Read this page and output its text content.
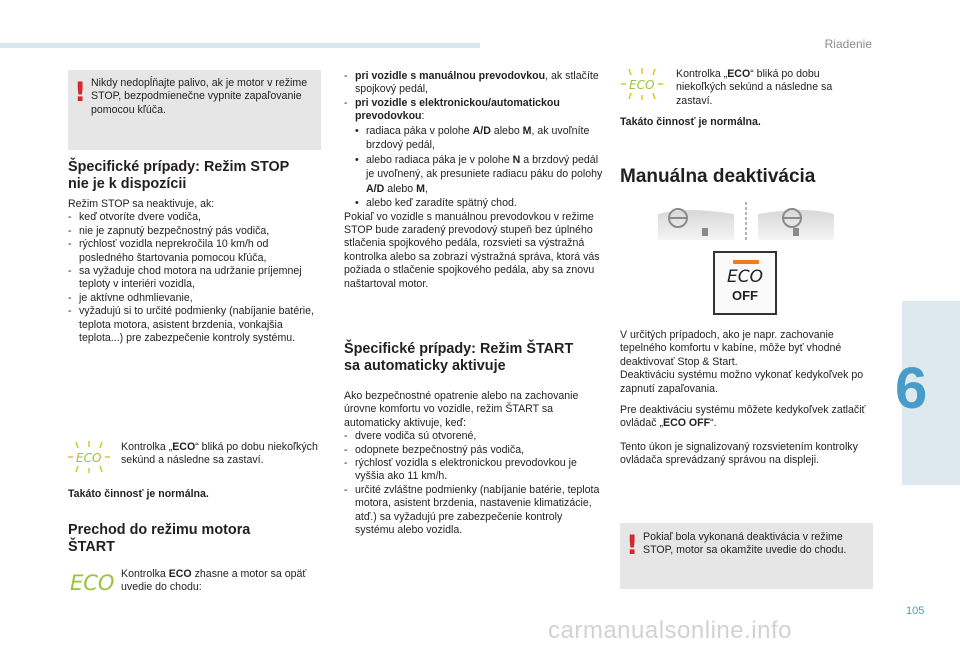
Riadenie
6
105
carmanualsonline.info
! Nikdy nedopĺňajte palivo, ak je motor v režime STOP, bezpodmienečne vypnite zapaľovanie pomocou kľúča.
Špecifické prípady: Režim STOP
nie je k dispozícii

Režim STOP sa neaktivuje, ak:

- keď otvoríte dvere vodiča,
- nie je zapnutý bezpečnostný pás vodiča,
- rýchlosť vozidla neprekročila 10 km/h od posledného štartovania pomocou kľúča,
- sa vyžaduje chod motora na udržanie príjemnej teploty v interiéri vozidla,
- je aktívne odhmlievanie,
- vyžadujú si to určité podmienky (nabíjanie batérie, teplota motora, asistent brzdenia, vonkajšia teplota...) pre zabezpečenie kontroly systému.
ECO
Kontrolka „ECO“ bliká po dobu niekoľkých sekúnd a následne sa zastaví.
Takáto činnosť je normálna.
Prechod do režimu motora
ŠTART
ECO Kontrolka ECO zhasne a motor sa opäť uvedie do chodu:
- pri vozidle s manuálnou prevodovkou, ak stlačíte spojkový pedál,
- pri vozidle s elektronickou/automatickou prevodovkou:
• radiaca páka v polohe A/D alebo M, ak uvoľníte brzdový pedál,
• alebo radiaca páka je v polohe N a brzdový pedál je uvoľnený, ak presuniete radiacu páku do polohy A/D alebo M,
• alebo keď zaradíte spätný chod.

Pokiaľ vo vozidle s manuálnou prevodovkou v režime STOP bude zaradený prevodový stupeň bez úplného stlačenia spojkového pedála, rozsvieti sa výstražná kontrolka alebo sa zobrazí výstražná správa, ktorá vás požiada o stlačenie spojkového pedála, aby sa znovu naštartoval motor.

Špecifické prípady: Režim ŠTART
sa automaticky aktivuje

Ako bezpečnostné opatrenie alebo na zachovanie úrovne komfortu vo vozidle, režim ŠTART sa automaticky aktivuje, keď:

- dvere vodiča sú otvorené,
- odopnete bezpečnostný pás vodiča,
- rýchlosť vozidla s elektronickou prevodovkou je vyššia ako 11 km/h.
- určité zvláštne podmienky (nabíjanie batérie, teplota motora, asistent brzdenia, nastavenie klimatizácie, atď.) sa vyžadujú pre zabezpečenie kontroly systému alebo vozidla.
ECO
Kontrolka „ECO“ bliká po dobu niekoľkých sekúnd a následne sa zastaví.
Takáto činnosť je normálna.
Manuálna deaktivácia
ECO
OFF

V určitých prípadoch, ako je napr. zachovanie tepelného komfortu v kabíne, môže byť vhodné deaktivovať Stop & Start.

Deaktiváciu systému možno vykonať kedykoľvek po zapnutí zapaľovania.

Pre deaktiváciu systému môžete kedykoľvek zatlačiť ovládač „ECO OFF“.

Tento úkon je signalizovaný rozsvietením kontrolky ovládača sprevádzaný správou na displeji.

! Pokiaľ bola vykonaná deaktivácia v režime STOP, motor sa okamžite uvedie do chodu.
